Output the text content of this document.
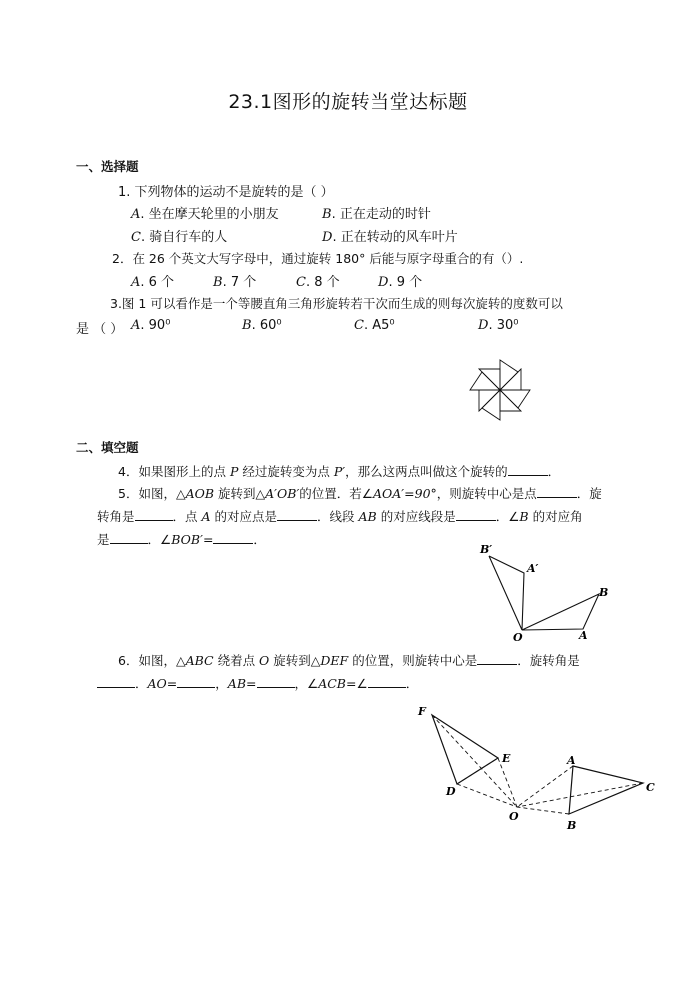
23.1图形的旋转当堂达标题
一、选择题
1. 下列物体的运动不是旋转的是（ ）
A. 坐在摩天轮里的小朋友	B. 正在走动的时针
C. 骑自行车的人	D. 正在转动的风车叶片
2．在 26 个英文大写字母中，通过旋转 180° 后能与原字母重合的有（）.
A. 6 个	B. 7 个	C. 8 个	D. 9 个
3.图 1 可以看作是一个等腰直角三角形旋转若干次而生成的则每次旋转的度数可以
是 （ ） A. 90⁰	B. 60⁰	C. A5⁰	D. 30⁰
二、填空题
4．如果图形上的点 P 经过旋转变为点 P′，那么这两点叫做这个旋转的	．
5．如图，△AOB 旋转到△A′OB′的位置．若∠AOA′=90°，则旋转中心是点	．旋
转角是	．点 A 的对应点是	．线段 AB 的对应线段是	．∠B 的对应角
是	．∠BOB′=	．
B′
A′
B
O	A
6．如图，△ABC 绕着点 O 旋转到△DEF 的位置，则旋转中心是	．旋转角是
．AO=	，AB=	，∠ACB=∠	．
F
E
D
O
A
C
B
